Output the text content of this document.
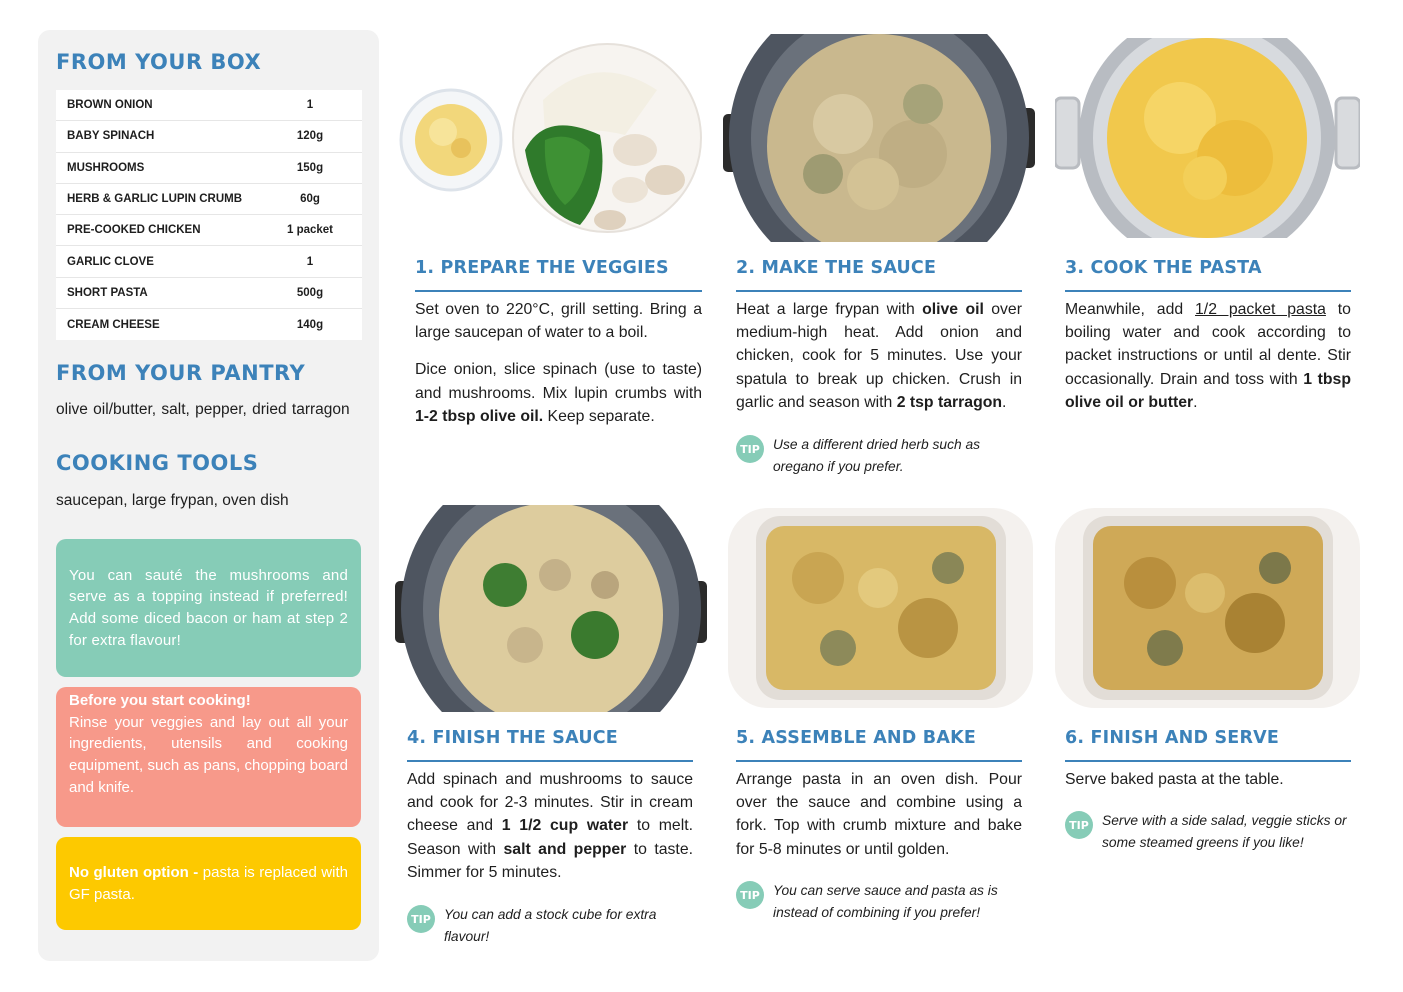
FROM YOUR BOX
BROWN ONION	1
BABY SPINACH	120g
MUSHROOMS	150g
HERB & GARLIC LUPIN CRUMB	60g
PRE-COOKED CHICKEN	1 packet
GARLIC CLOVE	1
SHORT PASTA	500g
CREAM CHEESE	140g
FROM YOUR PANTRY
olive oil/butter, salt, pepper, dried tarragon
COOKING TOOLS
saucepan, large frypan, oven dish
You can sauté the mushrooms and serve as a topping instead if preferred! Add some diced bacon or ham at step 2 for extra flavour!
Before you start cooking!
Rinse your veggies and lay out all your ingredients, utensils and cooking equipment, such as pans, chopping board and knife.
No gluten option - pasta is replaced with GF pasta.
1. PREPARE THE VEGGIES

Set oven to 220°C, grill setting. Bring a large saucepan of water to a boil.

Dice onion, slice spinach (use to taste) and mushrooms. Mix lupin crumbs with 1-2 tbsp olive oil. Keep separate.

2. MAKE THE SAUCE

Heat a large frypan with olive oil over medium-high heat. Add onion and chicken, cook for 5 minutes. Use your spatula to break up chicken. Crush in garlic and season with 2 tsp tarragon.

TIP Use a different dried herb such as oregano if you prefer.
3. COOK THE PASTA

Meanwhile, add 1/2 packet pasta to boiling water and cook according to packet instructions or until al dente. Stir occasionally. Drain and toss with 1 tbsp olive oil or butter.

4. FINISH THE SAUCE

Add spinach and mushrooms to sauce and cook for 2-3 minutes. Stir in cream cheese and 1 1/2 cup water to melt. Season with salt and pepper to taste. Simmer for 5 minutes.

TIP You can add a stock cube for extra flavour!
5. ASSEMBLE AND BAKE
Arrange pasta in an oven dish. Pour over the sauce and combine using a fork. Top with crumb mixture and bake for 5-8 minutes or until golden.
TIP You can serve sauce and pasta as is instead of combining if you prefer!
6. FINISH AND SERVE
Serve baked pasta at the table.
TIP Serve with a side salad, veggie sticks or some steamed greens if you like!
